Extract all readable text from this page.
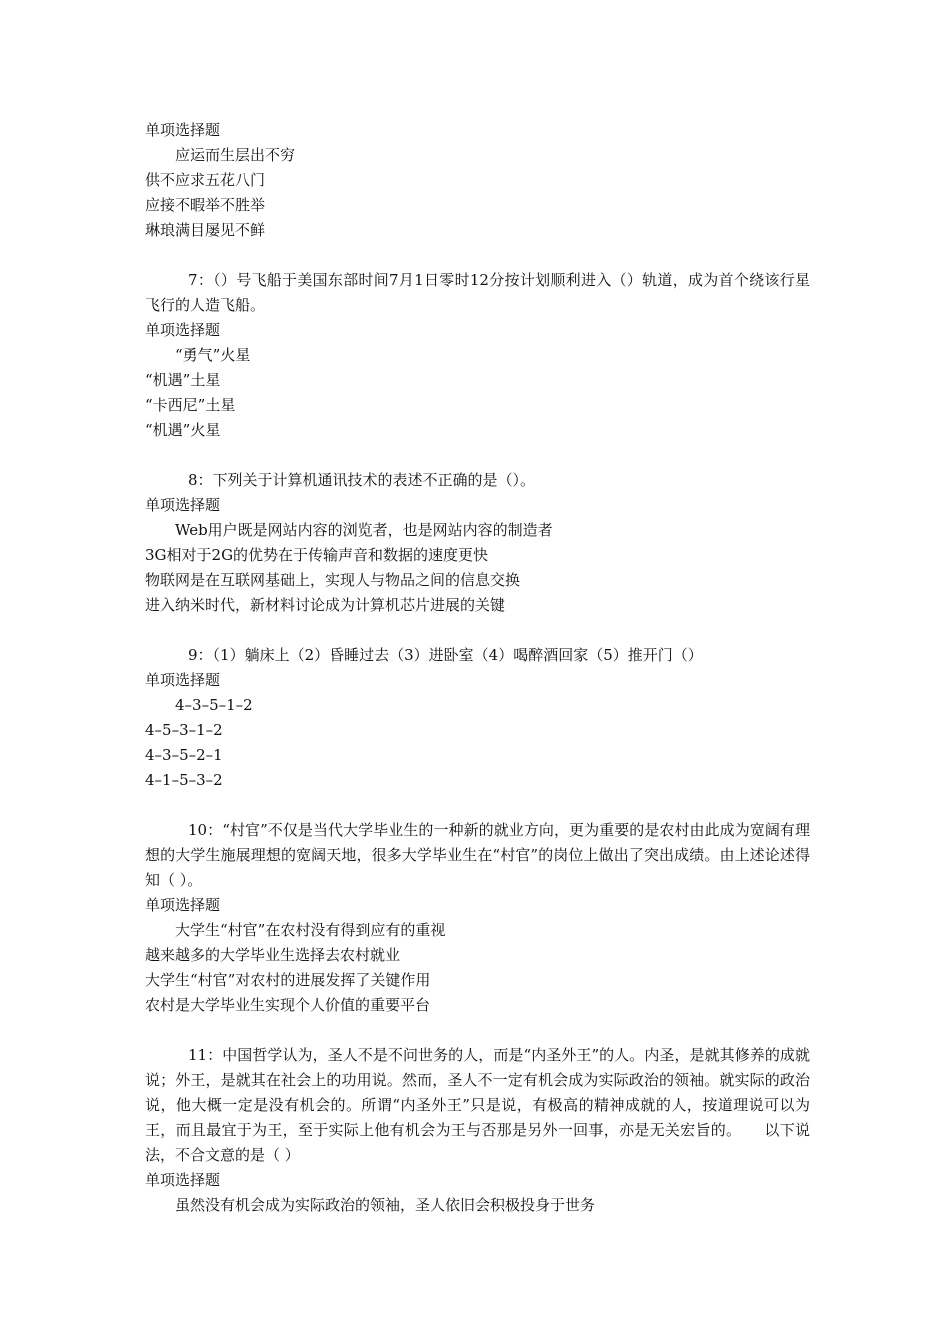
单项选择题
应运而生层出不穷
供不应求五花八门
应接不暇举不胜举
琳琅满目屡见不鲜
7：（）号飞船于美国东部时间7月1日零时12分按计划顺利进入（）轨道，成为首个绕该行星飞行的人造飞船。
单项选择题
“勇气”火星
“机遇”土星
“卡西尼”土星
“机遇”火星
8：下列关于计算机通讯技术的表述不正确的是（）。
单项选择题
Web用户既是网站内容的浏览者，也是网站内容的制造者
3G相对于2G的优势在于传输声音和数据的速度更快
物联网是在互联网基础上，实现人与物品之间的信息交换
进入纳米时代，新材料讨论成为计算机芯片进展的关键
9：（1）躺床上（2）昏睡过去（3）进卧室（4）喝醉酒回家（5）推开门（）
单项选择题
4–3–5–1–2
4–5–3–1–2
4–3–5–2–1
4–1–5–3–2
10：“村官”不仅是当代大学毕业生的一种新的就业方向，更为重要的是农村由此成为宽阔有理想的大学生施展理想的宽阔天地，很多大学毕业生在“村官”的岗位上做出了突出成绩。由上述论述得知（ ）。
单项选择题
大学生“村官”在农村没有得到应有的重视
越来越多的大学毕业生选择去农村就业
大学生“村官”对农村的进展发挥了关键作用
农村是大学毕业生实现个人价值的重要平台
11：中国哲学认为，圣人不是不问世务的人，而是“内圣外王”的人。内圣，是就其修养的成就说；外王，是就其在社会上的功用说。然而，圣人不一定有机会成为实际政治的领袖。就实际的政治说，他大概一定是没有机会的。所谓“内圣外王”只是说，有极高的精神成就的人，按道理说可以为王，而且最宜于为王，至于实际上他有机会为王与否那是另外一回事，亦是无关宏旨的。　　以下说法，不合文意的是（ ）
单项选择题
虽然没有机会成为实际政治的领袖，圣人依旧会积极投身于世务
